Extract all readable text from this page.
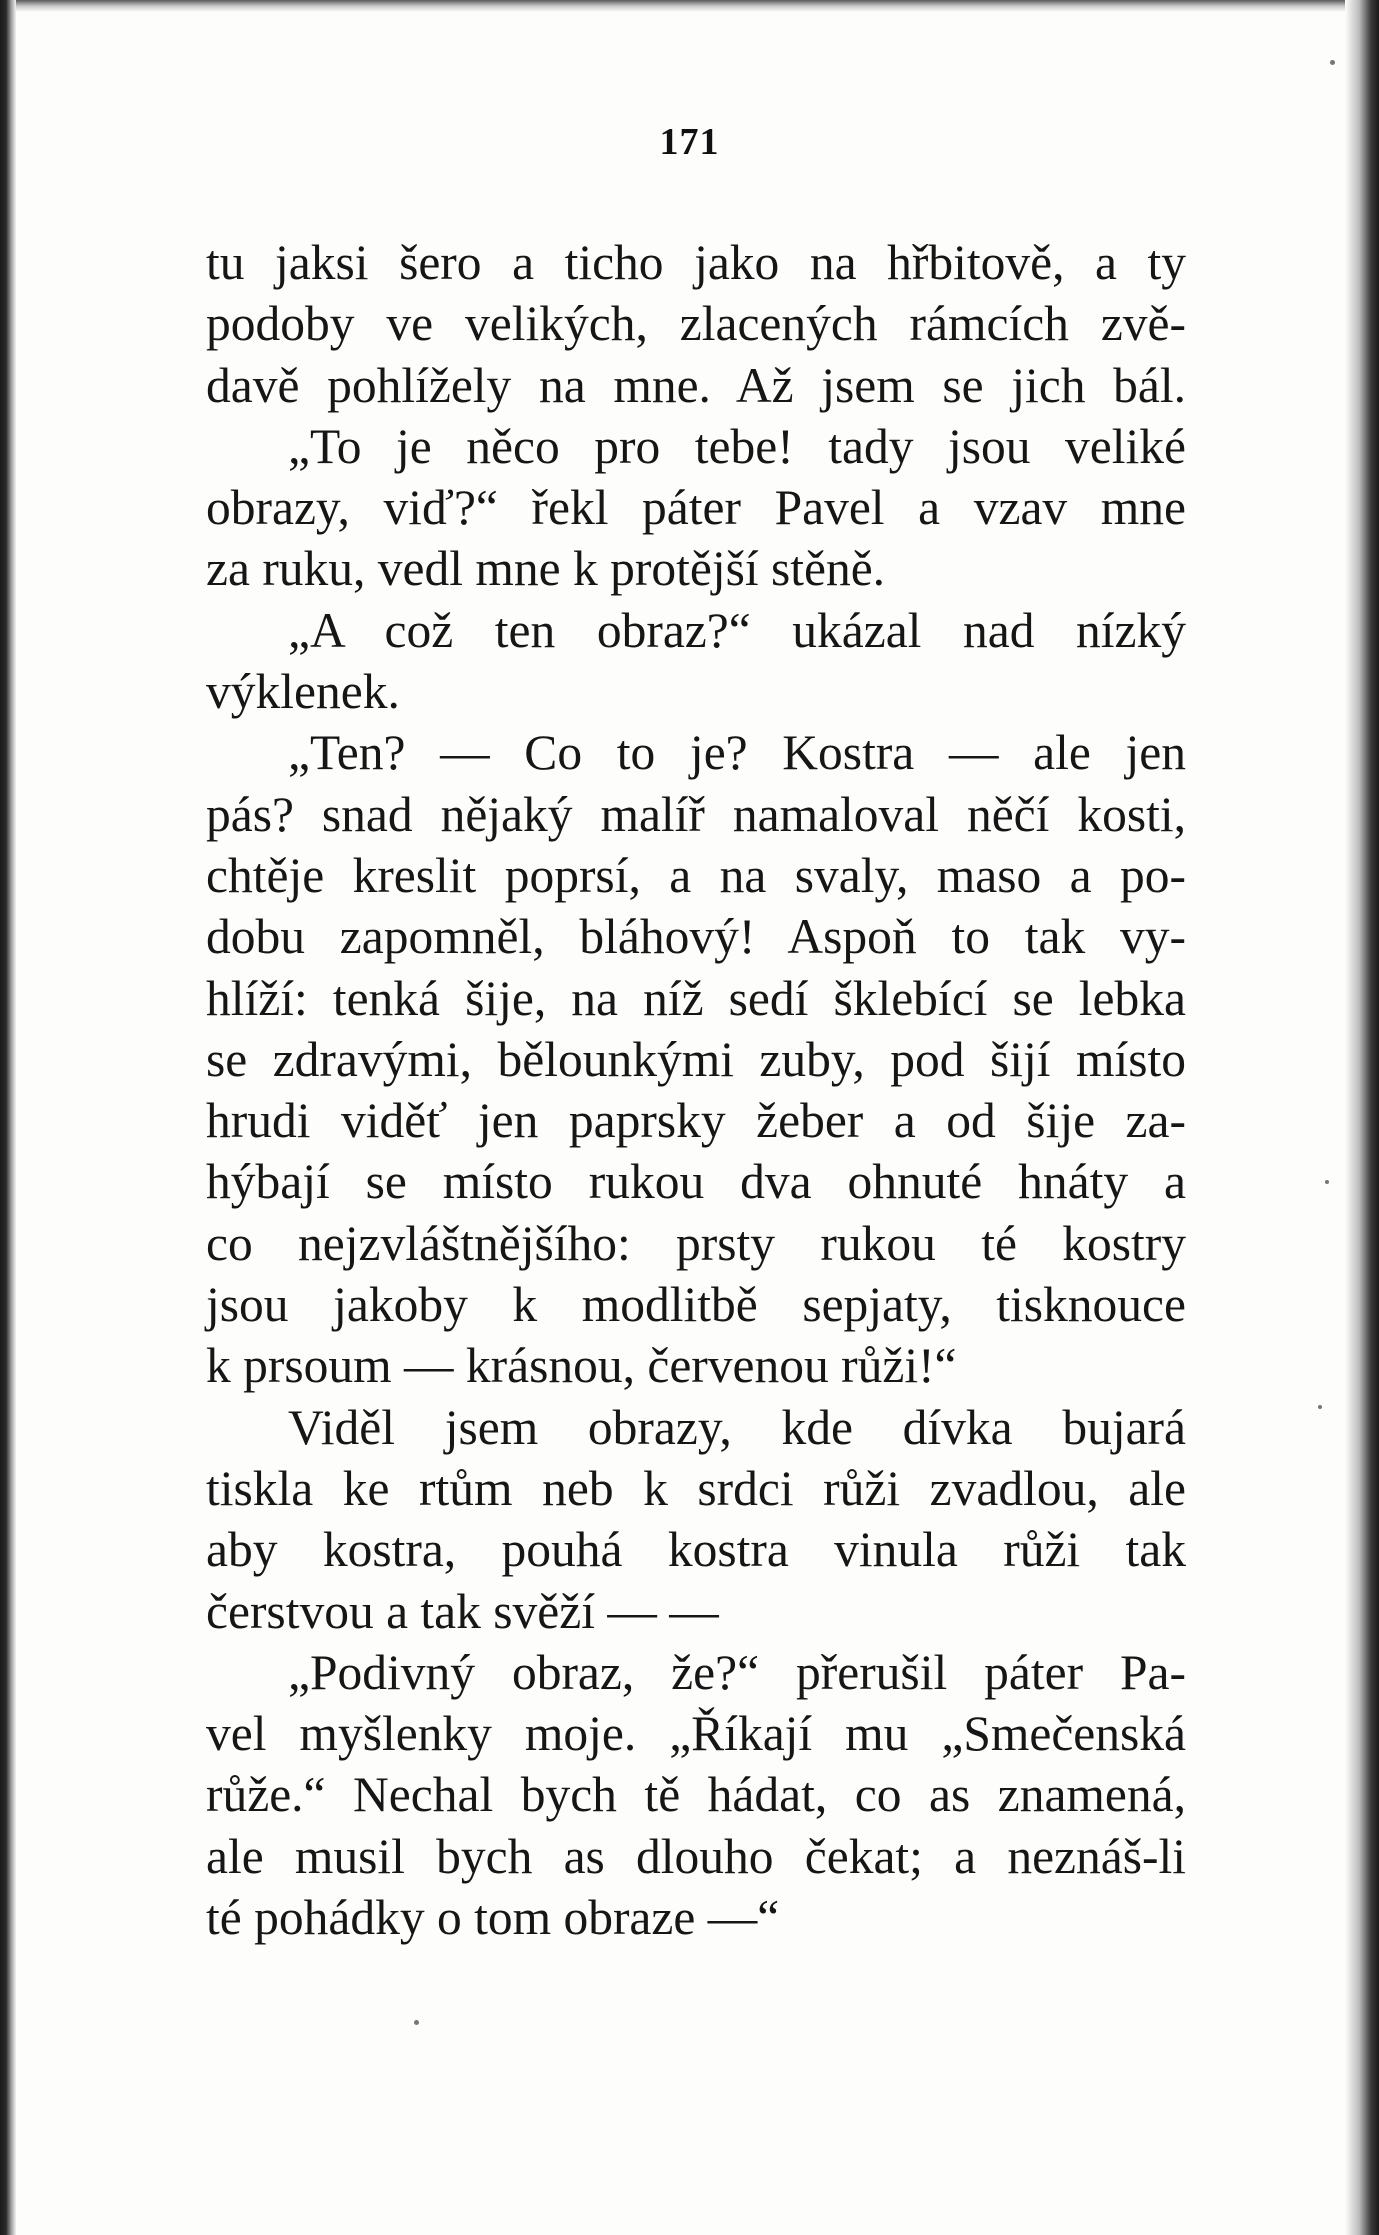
171
tu jaksi šero a ticho jako na hřbitově, a ty
podoby ve velikých, zlacených rámcích zvě-
davě pohlížely na mne. Až jsem se jich bál.
„To je něco pro tebe! tady jsou veliké
obrazy, viď?“ řekl páter Pavel a vzav mne
za ruku, vedl mne k protější stěně.
„A což ten obraz?“ ukázal nad nízký
výklenek.
„Ten? — Co to je? Kostra — ale jen
pás? snad nějaký malíř namaloval něčí kosti,
chtěje kreslit poprsí, a na svaly, maso a po-
dobu zapomněl, bláhový! Aspoň to tak vy-
hlíží: tenká šije, na níž sedí šklebící se lebka
se zdravými, bělounkými zuby, pod šijí místo
hrudi viděť jen paprsky žeber a od šije za-
hýbají se místo rukou dva ohnuté hnáty a
co nejzvláštnějšího: prsty rukou té kostry
jsou jakoby k modlitbě sepjaty, tisknouce
k prsoum — krásnou, červenou růži!“
Viděl jsem obrazy, kde dívka bujará
tiskla ke rtům neb k srdci růži zvadlou, ale
aby kostra, pouhá kostra vinula růži tak
čerstvou a tak svěží — —
„Podivný obraz, že?“ přerušil páter Pa-
vel myšlenky moje. „Říkají mu „Smečenská
růže.“ Nechal bych tě hádat, co as znamená,
ale musil bych as dlouho čekat; a neznáš-li
té pohádky o tom obraze —“
